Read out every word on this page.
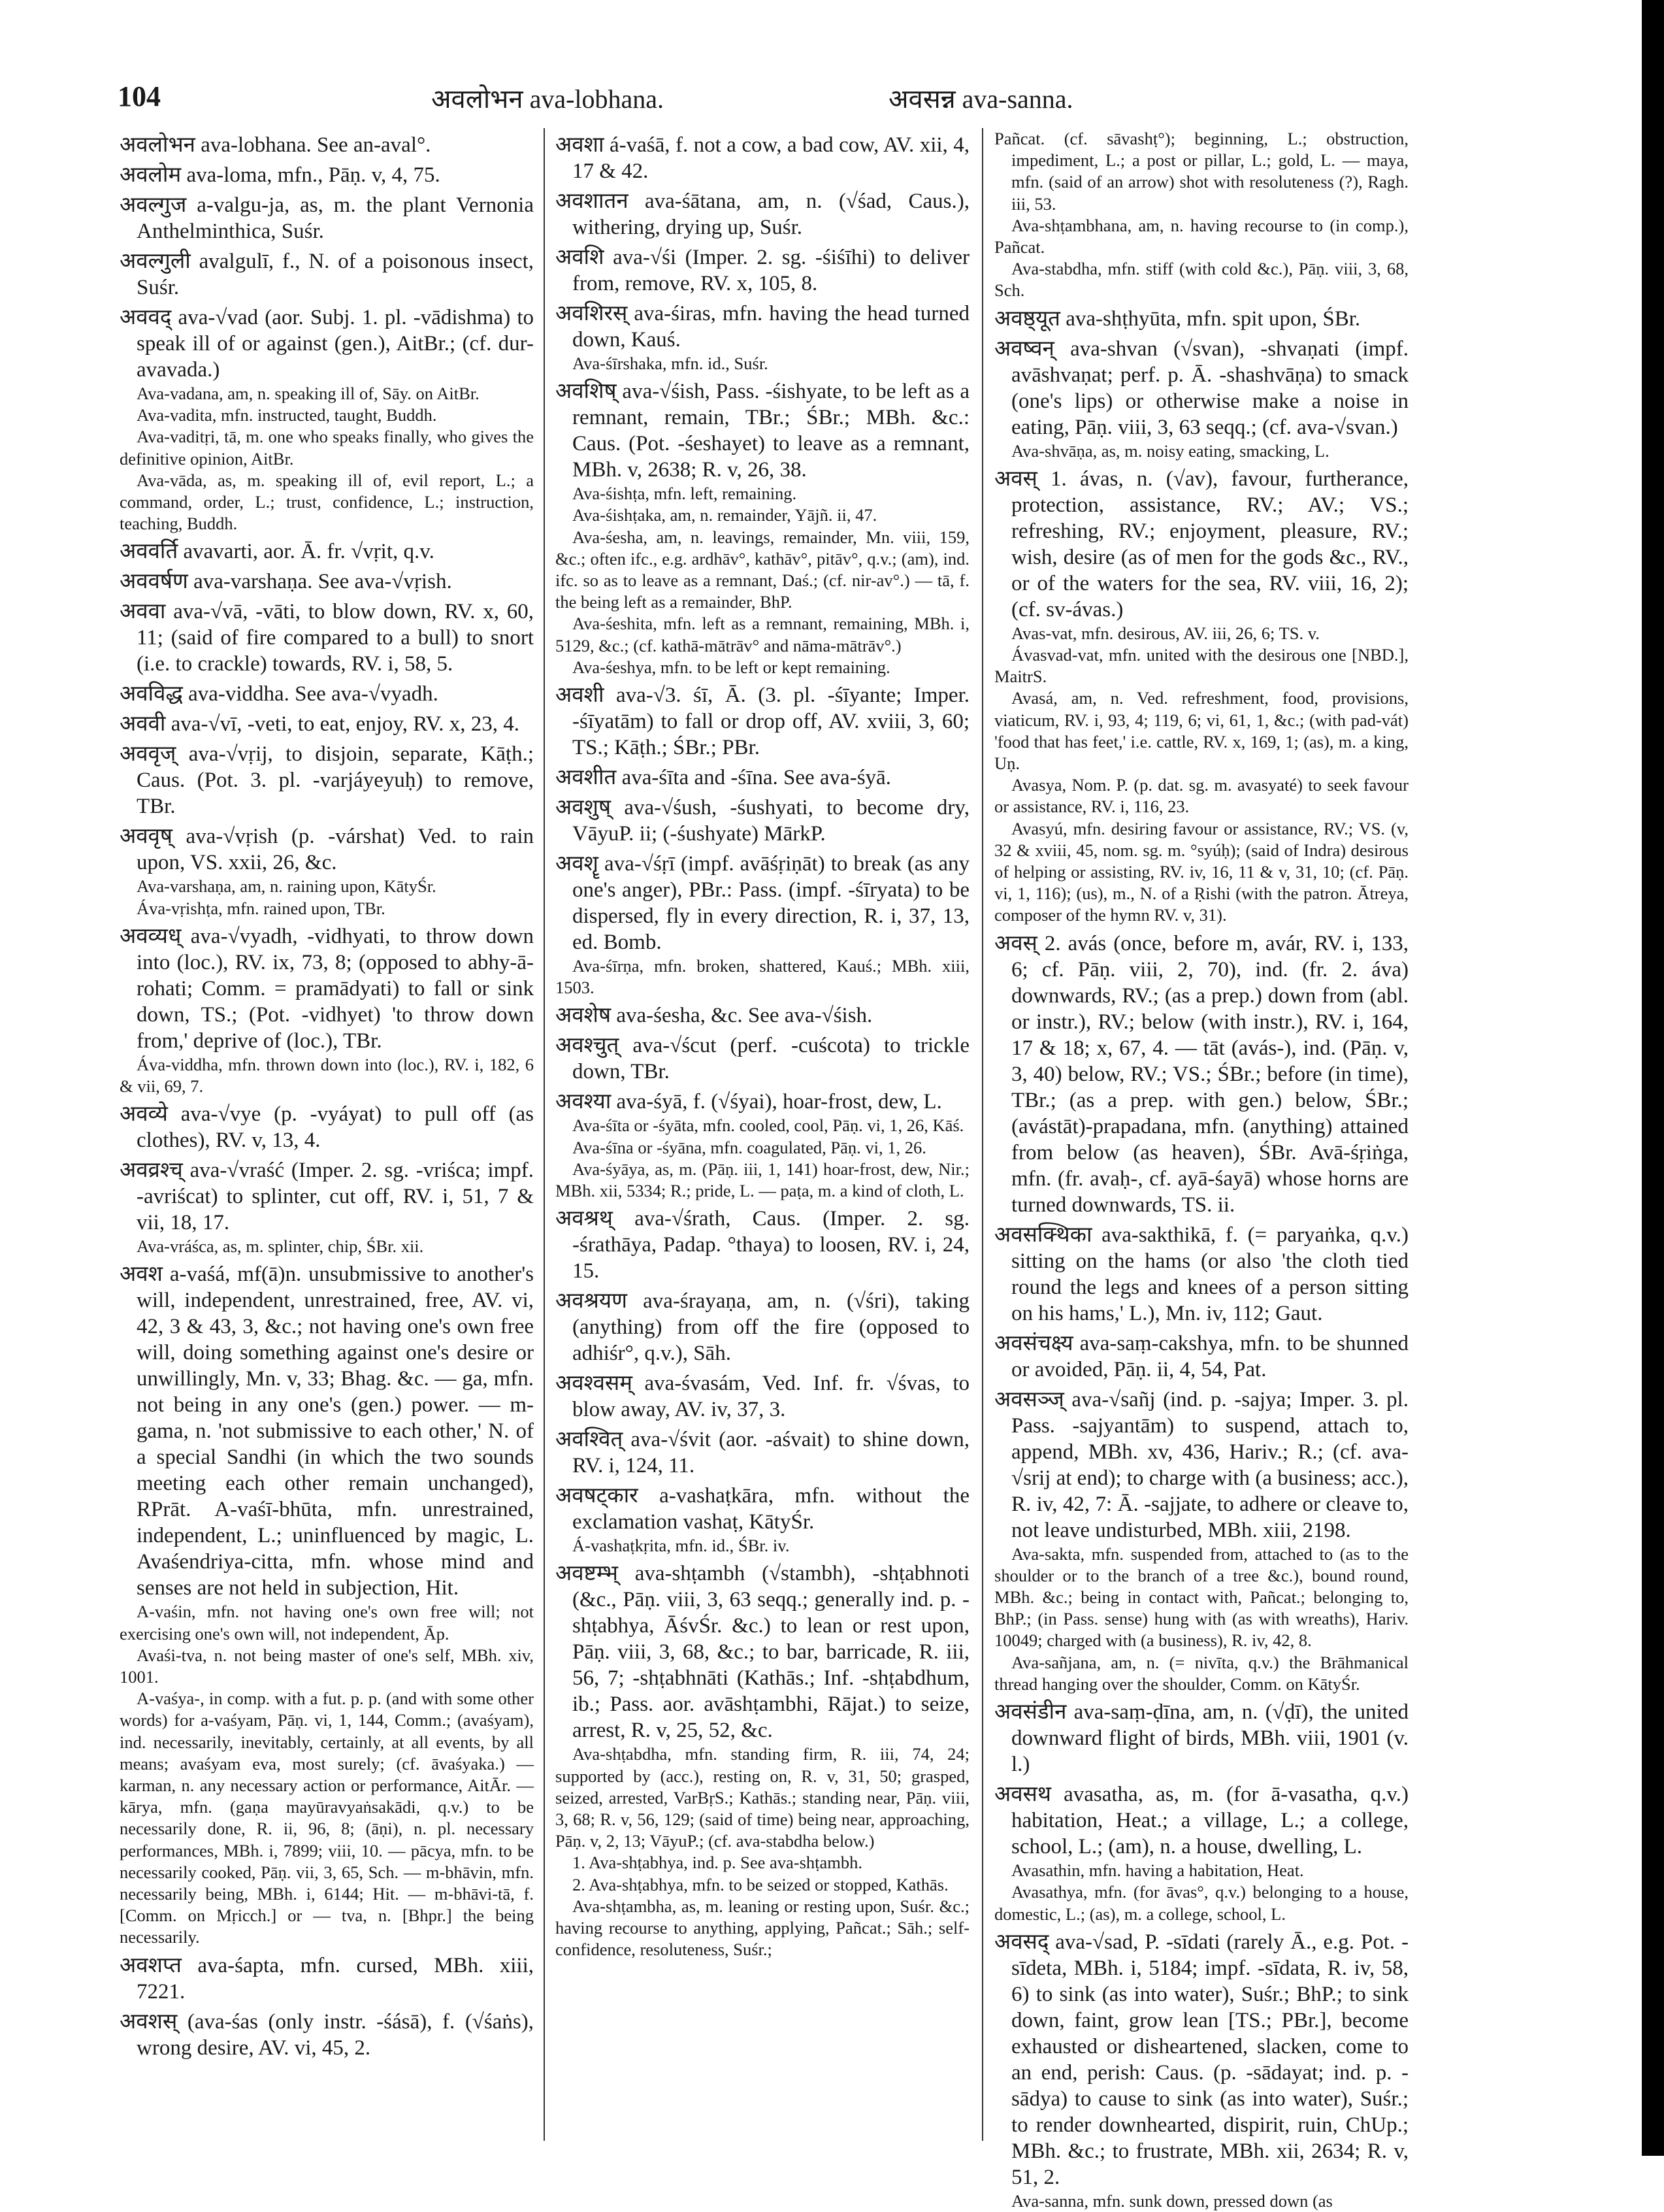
104	अवलोभन ava-lobhana.	अवसन्न ava-sanna.

अवलोभन ava-lobhana. See an-aval°.

अवलोम ava-loma, mfn., Pāṇ. v, 4, 75.

अवल्गुज a-valgu-ja, as, m. the plant Vernonia Anthelminthica, Suśr.

अवल्गुली avalgulī, f., N. of a poisonous insect, Suśr.

अववद् ava-√vad (aor. Subj. 1. pl. -vādishma) to speak ill of or against (gen.), AitBr.; (cf. dur-avavada.)

Ava-vadana, am, n. speaking ill of, Sāy. on AitBr.

Ava-vadita, mfn. instructed, taught, Buddh.

Ava-vaditṛi, tā, m. one who speaks finally, who gives the definitive opinion, AitBr.

Ava-vāda, as, m. speaking ill of, evil report, L.; a command, order, L.; trust, confidence, L.; instruction, teaching, Buddh.

अववर्ति avavarti, aor. Ā. fr. √vṛit, q.v.

अववर्षण ava-varshaṇa. See ava-√vṛish.

अववा ava-√vā, -vāti, to blow down, RV. x, 60, 11; (said of fire compared to a bull) to snort (i.e. to crackle) towards, RV. i, 58, 5.

अवविद्ध ava-viddha. See ava-√vyadh.

अववी ava-√vī, -veti, to eat, enjoy, RV. x, 23, 4.

अववृज् ava-√vṛij, to disjoin, separate, Kāṭh.; Caus. (Pot. 3. pl. -varjáyeyuḥ) to remove, TBr.

अववृष् ava-√vṛish (p. -várshat) Ved. to rain upon, VS. xxii, 26, &c.

Ava-varshaṇa, am, n. raining upon, KātyŚr.

Áva-vṛishṭa, mfn. rained upon, TBr.

अवव्यध् ava-√vyadh, -vidhyati, to throw down into (loc.), RV. ix, 73, 8; (opposed to abhy-ā-rohati; Comm. = pramādyati) to fall or sink down, TS.; (Pot. -vidhyet) 'to throw down from,' deprive of (loc.), TBr.

Áva-viddha, mfn. thrown down into (loc.), RV. i, 182, 6 & vii, 69, 7.

अवव्ये ava-√vye (p. -vyáyat) to pull off (as clothes), RV. v, 13, 4.

अवव्रश्च् ava-√vraść (Imper. 2. sg. -vriśca; impf. -avriścat) to splinter, cut off, RV. i, 51, 7 & vii, 18, 17.

Ava-vráśca, as, m. splinter, chip, ŚBr. xii.

अवश a-vaśá, mf(ā)n. unsubmissive to another's will, independent, unrestrained, free, AV. vi, 42, 3 & 43, 3, &c.; not having one's own free will, doing something against one's desire or unwillingly, Mn. v, 33; Bhag. &c. — ga, mfn. not being in any one's (gen.) power. — m-gama, n. 'not submissive to each other,' N. of a special Sandhi (in which the two sounds meeting each other remain unchanged), RPrāt. A-vaśī-bhūta, mfn. unrestrained, independent, L.; uninfluenced by magic, L. Avaśendriya-citta, mfn. whose mind and senses are not held in subjection, Hit.

A-vaśin, mfn. not having one's own free will; not exercising one's own will, not independent, Āp.

Avaśi-tva, n. not being master of one's self, MBh. xiv, 1001.

A-vaśya-, in comp. with a fut. p. p. (and with some other words) for a-vaśyam, Pāṇ. vi, 1, 144, Comm.; (avaśyam), ind. necessarily, inevitably, certainly, at all events, by all means; avaśyam eva, most surely; (cf. āvaśyaka.) — karman, n. any necessary action or performance, AitĀr. — kārya, mfn. (gaṇa mayūravyaṅsakādi, q.v.) to be necessarily done, R. ii, 96, 8; (āṇi), n. pl. necessary performances, MBh. i, 7899; viii, 10. — pācya, mfn. to be necessarily cooked, Pāṇ. vii, 3, 65, Sch. — m-bhāvin, mfn. necessarily being, MBh. i, 6144; Hit. — m-bhāvi-tā, f. [Comm. on Mṛicch.] or — tva, n. [Bhpr.] the being necessarily.

अवशप्त ava-śapta, mfn. cursed, MBh. xiii, 7221.

अवशस् (ava-śas (only instr. -śásā), f. (√śaṅs), wrong desire, AV. vi, 45, 2.

अवशा á-vaśā, f. not a cow, a bad cow, AV. xii, 4, 17 & 42.

अवशातन ava-śātana, am, n. (√śad, Caus.), withering, drying up, Suśr.

अवशि ava-√śi (Imper. 2. sg. -śiśīhi) to deliver from, remove, RV. x, 105, 8.

अवशिरस् ava-śiras, mfn. having the head turned down, Kauś.

Ava-śīrshaka, mfn. id., Suśr.

अवशिष् ava-√śish, Pass. -śishyate, to be left as a remnant, remain, TBr.; ŚBr.; MBh. &c.: Caus. (Pot. -śeshayet) to leave as a remnant, MBh. v, 2638; R. v, 26, 38.

Ava-śishṭa, mfn. left, remaining.

Ava-śishṭaka, am, n. remainder, Yājñ. ii, 47.

Ava-śesha, am, n. leavings, remainder, Mn. viii, 159, &c.; often ifc., e.g. ardhāv°, kathāv°, pitāv°, q.v.; (am), ind. ifc. so as to leave as a remnant, Daś.; (cf. nir-av°.) — tā, f. the being left as a remainder, BhP.

Ava-śeshita, mfn. left as a remnant, remaining, MBh. i, 5129, &c.; (cf. kathā-mātrāv° and nāma-mātrāv°.)

Ava-śeshya, mfn. to be left or kept remaining.

अवशी ava-√3. śī, Ā. (3. pl. -śīyante; Imper. -śīyatām) to fall or drop off, AV. xviii, 3, 60; TS.; Kāṭh.; ŚBr.; PBr.

अवशीत ava-śīta and -śīna. See ava-śyā.

अवशुष् ava-√śush, -śushyati, to become dry, VāyuP. ii; (-śushyate) MārkP.

अवशॄ ava-√śṛī (impf. avāśṛiṇāt) to break (as any one's anger), PBr.: Pass. (impf. -śīryata) to be dispersed, fly in every direction, R. i, 37, 13, ed. Bomb.

Ava-śīrṇa, mfn. broken, shattered, Kauś.; MBh. xiii, 1503.

अवशेष ava-śesha, &c. See ava-√śish.

अवश्चुत् ava-√ścut (perf. -cuścota) to trickle down, TBr.

अवश्या ava-śyā, f. (√śyai), hoar-frost, dew, L.

Ava-śīta or -śyāta, mfn. cooled, cool, Pāṇ. vi, 1, 26, Kāś.

Ava-śīna or -śyāna, mfn. coagulated, Pāṇ. vi, 1, 26.

Ava-śyāya, as, m. (Pāṇ. iii, 1, 141) hoar-frost, dew, Nir.; MBh. xii, 5334; R.; pride, L. — paṭa, m. a kind of cloth, L.

अवश्रथ् ava-√śrath, Caus. (Imper. 2. sg. -śrathāya, Padap. °thaya) to loosen, RV. i, 24, 15.

अवश्रयण ava-śrayaṇa, am, n. (√śri), taking (anything) from off the fire (opposed to adhiśr°, q.v.), Sāh.

अवश्वसम् ava-śvasám, Ved. Inf. fr. √śvas, to blow away, AV. iv, 37, 3.

अवश्वित् ava-√śvit (aor. -aśvait) to shine down, RV. i, 124, 11.

अवषट्कार a-vashaṭkāra, mfn. without the exclamation vashaṭ, KātyŚr.

Á-vashaṭkṛita, mfn. id., ŚBr. iv.

अवष्टम्भ् ava-shṭambh (√stambh), -shṭabhnoti (&c., Pāṇ. viii, 3, 63 seqq.; generally ind. p. -shṭabhya, ĀśvŚr. &c.) to lean or rest upon, Pāṇ. viii, 3, 68, &c.; to bar, barricade, R. iii, 56, 7; -shṭabhnāti (Kathās.; Inf. -shṭabdhum, ib.; Pass. aor. avāshṭambhi, Rājat.) to seize, arrest, R. v, 25, 52, &c.

Ava-shṭabdha, mfn. standing firm, R. iii, 74, 24; supported by (acc.), resting on, R. v, 31, 50; grasped, seized, arrested, VarBṛS.; Kathās.; standing near, Pāṇ. viii, 3, 68; R. v, 56, 129; (said of time) being near, approaching, Pāṇ. v, 2, 13; VāyuP.; (cf. ava-stabdha below.)

1. Ava-shṭabhya, ind. p. See ava-shṭambh.

2. Ava-shṭabhya, mfn. to be seized or stopped, Kathās.

Ava-shṭambha, as, m. leaning or resting upon, Suśr. &c.; having recourse to anything, applying, Pañcat.; Sāh.; self-confidence, resoluteness, Suśr.;

Pañcat. (cf. sāvashṭ°); beginning, L.; obstruction, impediment, L.; a post or pillar, L.; gold, L. — maya, mfn. (said of an arrow) shot with resoluteness (?), Ragh. iii, 53.

Ava-shṭambhana, am, n. having recourse to (in comp.), Pañcat.

Ava-stabdha, mfn. stiff (with cold &c.), Pāṇ. viii, 3, 68, Sch.

अवष्ठ्यूत ava-shṭhyūta, mfn. spit upon, ŚBr.

अवष्वन् ava-shvan (√svan), -shvaṇati (impf. avāshvaṇat; perf. p. Ā. -shashvāṇa) to smack (one's lips) or otherwise make a noise in eating, Pāṇ. viii, 3, 63 seqq.; (cf. ava-√svan.)

Ava-shvāṇa, as, m. noisy eating, smacking, L.

अवस् 1. ávas, n. (√av), favour, furtherance, protection, assistance, RV.; AV.; VS.; refreshing, RV.; enjoyment, pleasure, RV.; wish, desire (as of men for the gods &c., RV., or of the waters for the sea, RV. viii, 16, 2); (cf. sv-ávas.)

Avas-vat, mfn. desirous, AV. iii, 26, 6; TS. v.

Ávasvad-vat, mfn. united with the desirous one [NBD.], MaitrS.

Avasá, am, n. Ved. refreshment, food, provisions, viaticum, RV. i, 93, 4; 119, 6; vi, 61, 1, &c.; (with pad-vát) 'food that has feet,' i.e. cattle, RV. x, 169, 1; (as), m. a king, Uṇ.

Avasya, Nom. P. (p. dat. sg. m. avasyaté) to seek favour or assistance, RV. i, 116, 23.

Avasyú, mfn. desiring favour or assistance, RV.; VS. (v, 32 & xviii, 45, nom. sg. m. °syúḥ); (said of Indra) desirous of helping or assisting, RV. iv, 16, 11 & v, 31, 10; (cf. Pāṇ. vi, 1, 116); (us), m., N. of a Ṛishi (with the patron. Ātreya, composer of the hymn RV. v, 31).

अवस् 2. avás (once, before m, avár, RV. i, 133, 6; cf. Pāṇ. viii, 2, 70), ind. (fr. 2. áva) downwards, RV.; (as a prep.) down from (abl. or instr.), RV.; below (with instr.), RV. i, 164, 17 & 18; x, 67, 4. — tāt (avás-), ind. (Pāṇ. v, 3, 40) below, RV.; VS.; ŚBr.; before (in time), TBr.; (as a prep. with gen.) below, ŚBr.; (avástāt)-prapadana, mfn. (anything) attained from below (as heaven), ŚBr. Avā-śṛiṅga, mfn. (fr. avaḥ-, cf. ayā-śayā) whose horns are turned downwards, TS. ii.

अवसक्थिका ava-sakthikā, f. (= paryaṅka, q.v.) sitting on the hams (or also 'the cloth tied round the legs and knees of a person sitting on his hams,' L.), Mn. iv, 112; Gaut.

अवसंचक्ष्य ava-saṃ-cakshya, mfn. to be shunned or avoided, Pāṇ. ii, 4, 54, Pat.

अवसञ्ज् ava-√sañj (ind. p. -sajya; Imper. 3. pl. Pass. -sajyantām) to suspend, attach to, append, MBh. xv, 436, Hariv.; R.; (cf. ava-√srij at end); to charge with (a business; acc.), R. iv, 42, 7: Ā. -sajjate, to adhere or cleave to, not leave undisturbed, MBh. xiii, 2198.

Ava-sakta, mfn. suspended from, attached to (as to the shoulder or to the branch of a tree &c.), bound round, MBh. &c.; being in contact with, Pañcat.; belonging to, BhP.; (in Pass. sense) hung with (as with wreaths), Hariv. 10049; charged with (a business), R. iv, 42, 8.

Ava-sañjana, am, n. (= nivīta, q.v.) the Brāhmanical thread hanging over the shoulder, Comm. on KātyŚr.

अवसंडीन ava-saṃ-ḍīna, am, n. (√ḍī), the united downward flight of birds, MBh. viii, 1901 (v. l.)

अवसथ avasatha, as, m. (for ā-vasatha, q.v.) habitation, Heat.; a village, L.; a college, school, L.; (am), n. a house, dwelling, L.

Avasathin, mfn. having a habitation, Heat.

Avasathya, mfn. (for āvas°, q.v.) belonging to a house, domestic, L.; (as), m. a college, school, L.

अवसद् ava-√sad, P. -sīdati (rarely Ā., e.g. Pot. -sīdeta, MBh. i, 5184; impf. -sīdata, R. iv, 58, 6) to sink (as into water), Suśr.; BhP.; to sink down, faint, grow lean [TS.; PBr.], become exhausted or disheartened, slacken, come to an end, perish: Caus. (p. -sādayat; ind. p. -sādya) to cause to sink (as into water), Suśr.; to render downhearted, dispirit, ruin, ChUp.; MBh. &c.; to frustrate, MBh. xii, 2634; R. v, 51, 2.

Ava-sanna, mfn. sunk down, pressed down (as
